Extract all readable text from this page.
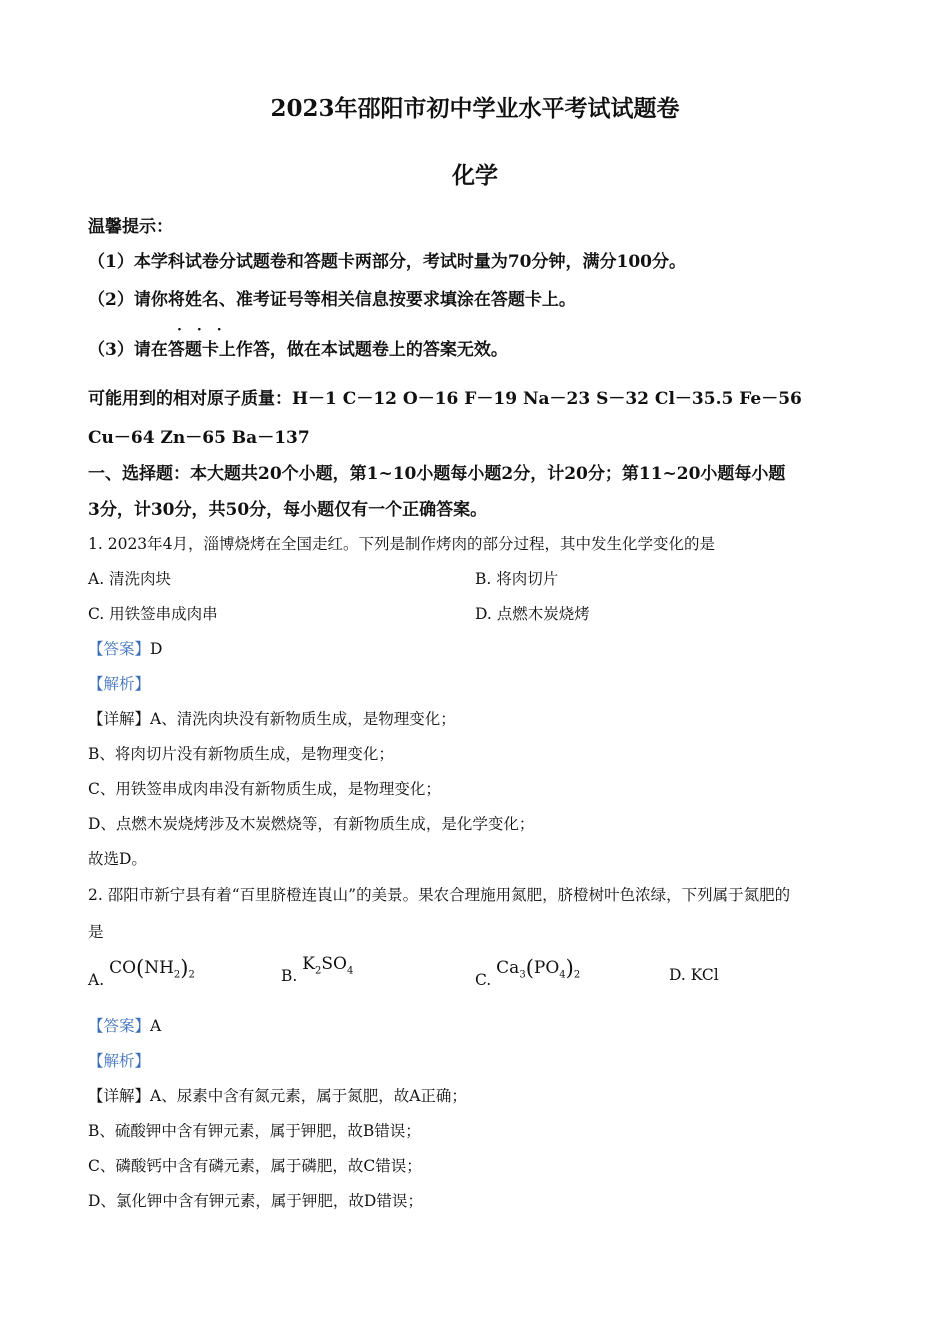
2023年邵阳市初中学业水平考试试题卷
化学
温馨提示：
（1）本学科试卷分试题卷和答题卡两部分，考试时量为70分钟，满分100分。
（2）请你将姓名、准考证号等相关信息按要求填涂在答题卡上。
···
（3）请在答题卡上作答，做在本试题卷上的答案无效。
可能用到的相对原子质量：H－1 C－12 O－16 F－19 Na－23 S－32 Cl－35.5 Fe－56
Cu－64 Zn－65 Ba－137
一、选择题：本大题共20个小题，第1~10小题每小题2分，计20分；第11~20小题每小题
3分，计30分，共50分，每小题仅有一个正确答案。
1. 2023年4月，淄博烧烤在全国走红。下列是制作烤肉的部分过程，其中发生化学变化的是
A. 清洗肉块	B. 将肉切片
C. 用铁签串成肉串	D. 点燃木炭烧烤
【答案】D
【解析】
【详解】A、清洗肉块没有新物质生成，是物理变化；
B、将肉切片没有新物质生成，是物理变化；
C、用铁签串成肉串没有新物质生成，是物理变化；
D、点燃木炭烧烤涉及木炭燃烧等，有新物质生成，是化学变化；
故选D。
2. 邵阳市新宁县有着“百里脐橙连崀山”的美景。果农合理施用氮肥，脐橙树叶色浓绿，下列属于氮肥的
是
A. $CO(NH_2)_2$	B. $K_2SO_4$
C. $Ca_3(PO_4)_2$	D. KCl
【答案】A
【解析】
【详解】A、尿素中含有氮元素，属于氮肥，故A正确；
B、硫酸钾中含有钾元素，属于钾肥，故B错误；
C、磷酸钙中含有磷元素，属于磷肥，故C错误；
D、氯化钾中含有钾元素，属于钾肥，故D错误；
